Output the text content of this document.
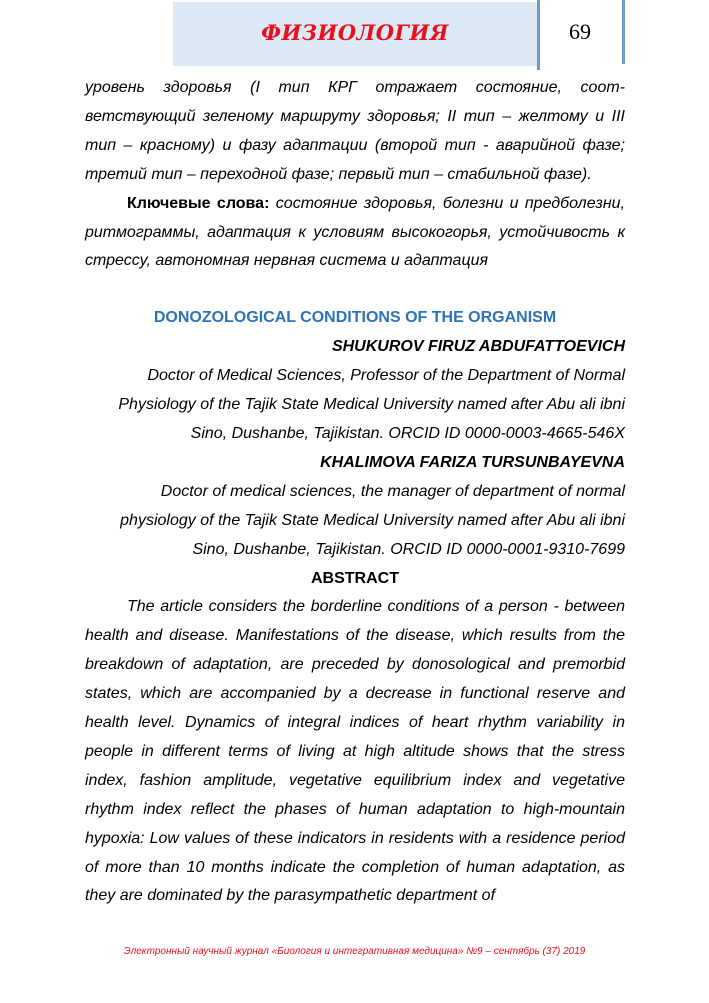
ФИЗИОЛОГИЯ	69

уровень здоровья (I тип КРГ отражает состояние, соот-ветствующий зеленому маршруту здоровья; II тип – желтому и III тип – красному) и фазу адаптации (второй тип - аварийной фазе; третий тип – переходной фазе; первый тип – стабильной фазе).

Ключевые слова: состояние здоровья, болезни и предболезни, ритмограммы, адаптация к условиям высокогорья, устойчивость к стрессу, автономная нервная система и адаптация

DONOZOLOGICAL CONDITIONS OF THE ORGANISM

SHUKUROV FIRUZ ABDUFATTOEVICH

Doctor of Medical Sciences, Professor of the Department of Normal Physiology of the Tajik State Medical University named after Abu ali ibni Sino, Dushanbe, Tajikistan. ORCID ID 0000-0003-4665-546X

KHALIMOVA FARIZA TURSUNBAYEVNA

Doctor of medical sciences, the manager of department of normal physiology of the Tajik State Medical University named after Abu ali ibni Sino, Dushanbe, Tajikistan. ORCID ID 0000-0001-9310-7699

ABSTRACT

The article considers the borderline conditions of a person - between health and disease. Manifestations of the disease, which results from the breakdown of adaptation, are preceded by donosological and premorbid states, which are accompanied by a decrease in functional reserve and health level. Dynamics of integral indices of heart rhythm variability in people in different terms of living at high altitude shows that the stress index, fashion amplitude, vegetative equilibrium index and vegetative rhythm index reflect the phases of human adaptation to high-mountain hypoxia: Low values of these indicators in residents with a residence period of more than 10 months indicate the completion of human adaptation, as they are dominated by the parasympathetic department of

Электронный научный журнал «Биология и интегративная медицина» №9 – сентябрь (37) 2019
